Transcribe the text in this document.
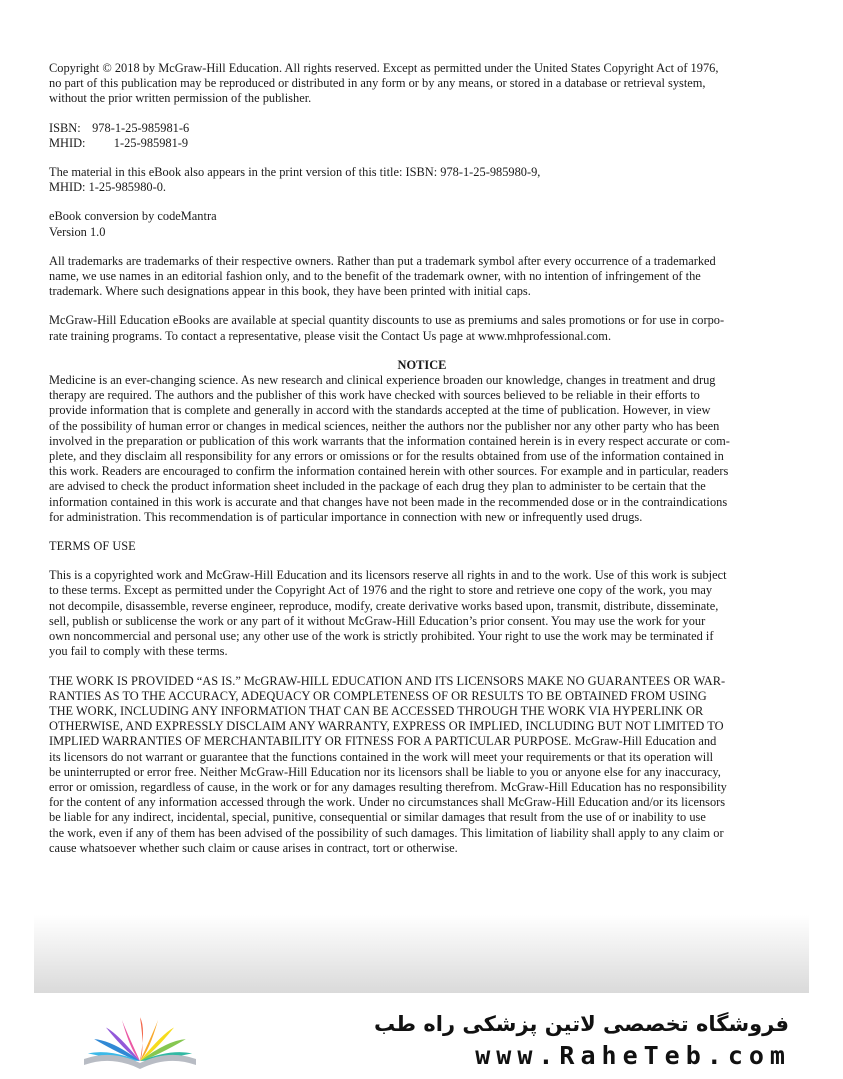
Copyright © 2018 by McGraw-Hill Education. All rights reserved. Except as permitted under the United States Copyright Act of 1976,
no part of this publication may be reproduced or distributed in any form or by any means, or stored in a database or retrieval system,
without the prior written permission of the publisher.

ISBN: 978-1-25-985981-6
MHID: 1-25-985981-9

The material in this eBook also appears in the print version of this title: ISBN: 978-1-25-985980-9,
MHID: 1-25-985980-0.

eBook conversion by codeMantra
Version 1.0

All trademarks are trademarks of their respective owners. Rather than put a trademark symbol after every occurrence of a trademarked
name, we use names in an editorial fashion only, and to the benefit of the trademark owner, with no intention of infringement of the
trademark. Where such designations appear in this book, they have been printed with initial caps.

McGraw-Hill Education eBooks are available at special quantity discounts to use as premiums and sales promotions or for use in corpo-
rate training programs. To contact a representative, please visit the Contact Us page at www.mhprofessional.com.

NOTICE

Medicine is an ever-changing science. As new research and clinical experience broaden our knowledge, changes in treatment and drug
therapy are required. The authors and the publisher of this work have checked with sources believed to be reliable in their efforts to
provide information that is complete and generally in accord with the standards accepted at the time of publication. However, in view
of the possibility of human error or changes in medical sciences, neither the authors nor the publisher nor any other party who has been
involved in the preparation or publication of this work warrants that the information contained herein is in every respect accurate or com-
plete, and they disclaim all responsibility for any errors or omissions or for the results obtained from use of the information contained in
this work. Readers are encouraged to confirm the information contained herein with other sources. For example and in particular, readers
are advised to check the product information sheet included in the package of each drug they plan to administer to be certain that the
information contained in this work is accurate and that changes have not been made in the recommended dose or in the contraindications
for administration. This recommendation is of particular importance in connection with new or infrequently used drugs.

TERMS OF USE

This is a copyrighted work and McGraw-Hill Education and its licensors reserve all rights in and to the work. Use of this work is subject
to these terms. Except as permitted under the Copyright Act of 1976 and the right to store and retrieve one copy of the work, you may
not decompile, disassemble, reverse engineer, reproduce, modify, create derivative works based upon, transmit, distribute, disseminate,
sell, publish or sublicense the work or any part of it without McGraw-Hill Education’s prior consent. You may use the work for your
own noncommercial and personal use; any other use of the work is strictly prohibited. Your right to use the work may be terminated if
you fail to comply with these terms.

THE WORK IS PROVIDED “AS IS.” McGRAW-HILL EDUCATION AND ITS LICENSORS MAKE NO GUARANTEES OR WAR-
RANTIES AS TO THE ACCURACY, ADEQUACY OR COMPLETENESS OF OR RESULTS TO BE OBTAINED FROM USING
THE WORK, INCLUDING ANY INFORMATION THAT CAN BE ACCESSED THROUGH THE WORK VIA HYPERLINK OR
OTHERWISE, AND EXPRESSLY DISCLAIM ANY WARRANTY, EXPRESS OR IMPLIED, INCLUDING BUT NOT LIMITED TO
IMPLIED WARRANTIES OF MERCHANTABILITY OR FITNESS FOR A PARTICULAR PURPOSE. McGraw-Hill Education and
its licensors do not warrant or guarantee that the functions contained in the work will meet your requirements or that its operation will
be uninterrupted or error free. Neither McGraw-Hill Education nor its licensors shall be liable to you or anyone else for any inaccuracy,
error or omission, regardless of cause, in the work or for any damages resulting therefrom. McGraw-Hill Education has no responsibility
for the content of any information accessed through the work. Under no circumstances shall McGraw-Hill Education and/or its licensors
be liable for any indirect, incidental, special, punitive, consequential or similar damages that result from the use of or inability to use
the work, even if any of them has been advised of the possibility of such damages. This limitation of liability shall apply to any claim or
cause whatsoever whether such claim or cause arises in contract, tort or otherwise.

فروشگاه تخصصی لاتین پزشکی راه طب
www.RaheTeb.com
